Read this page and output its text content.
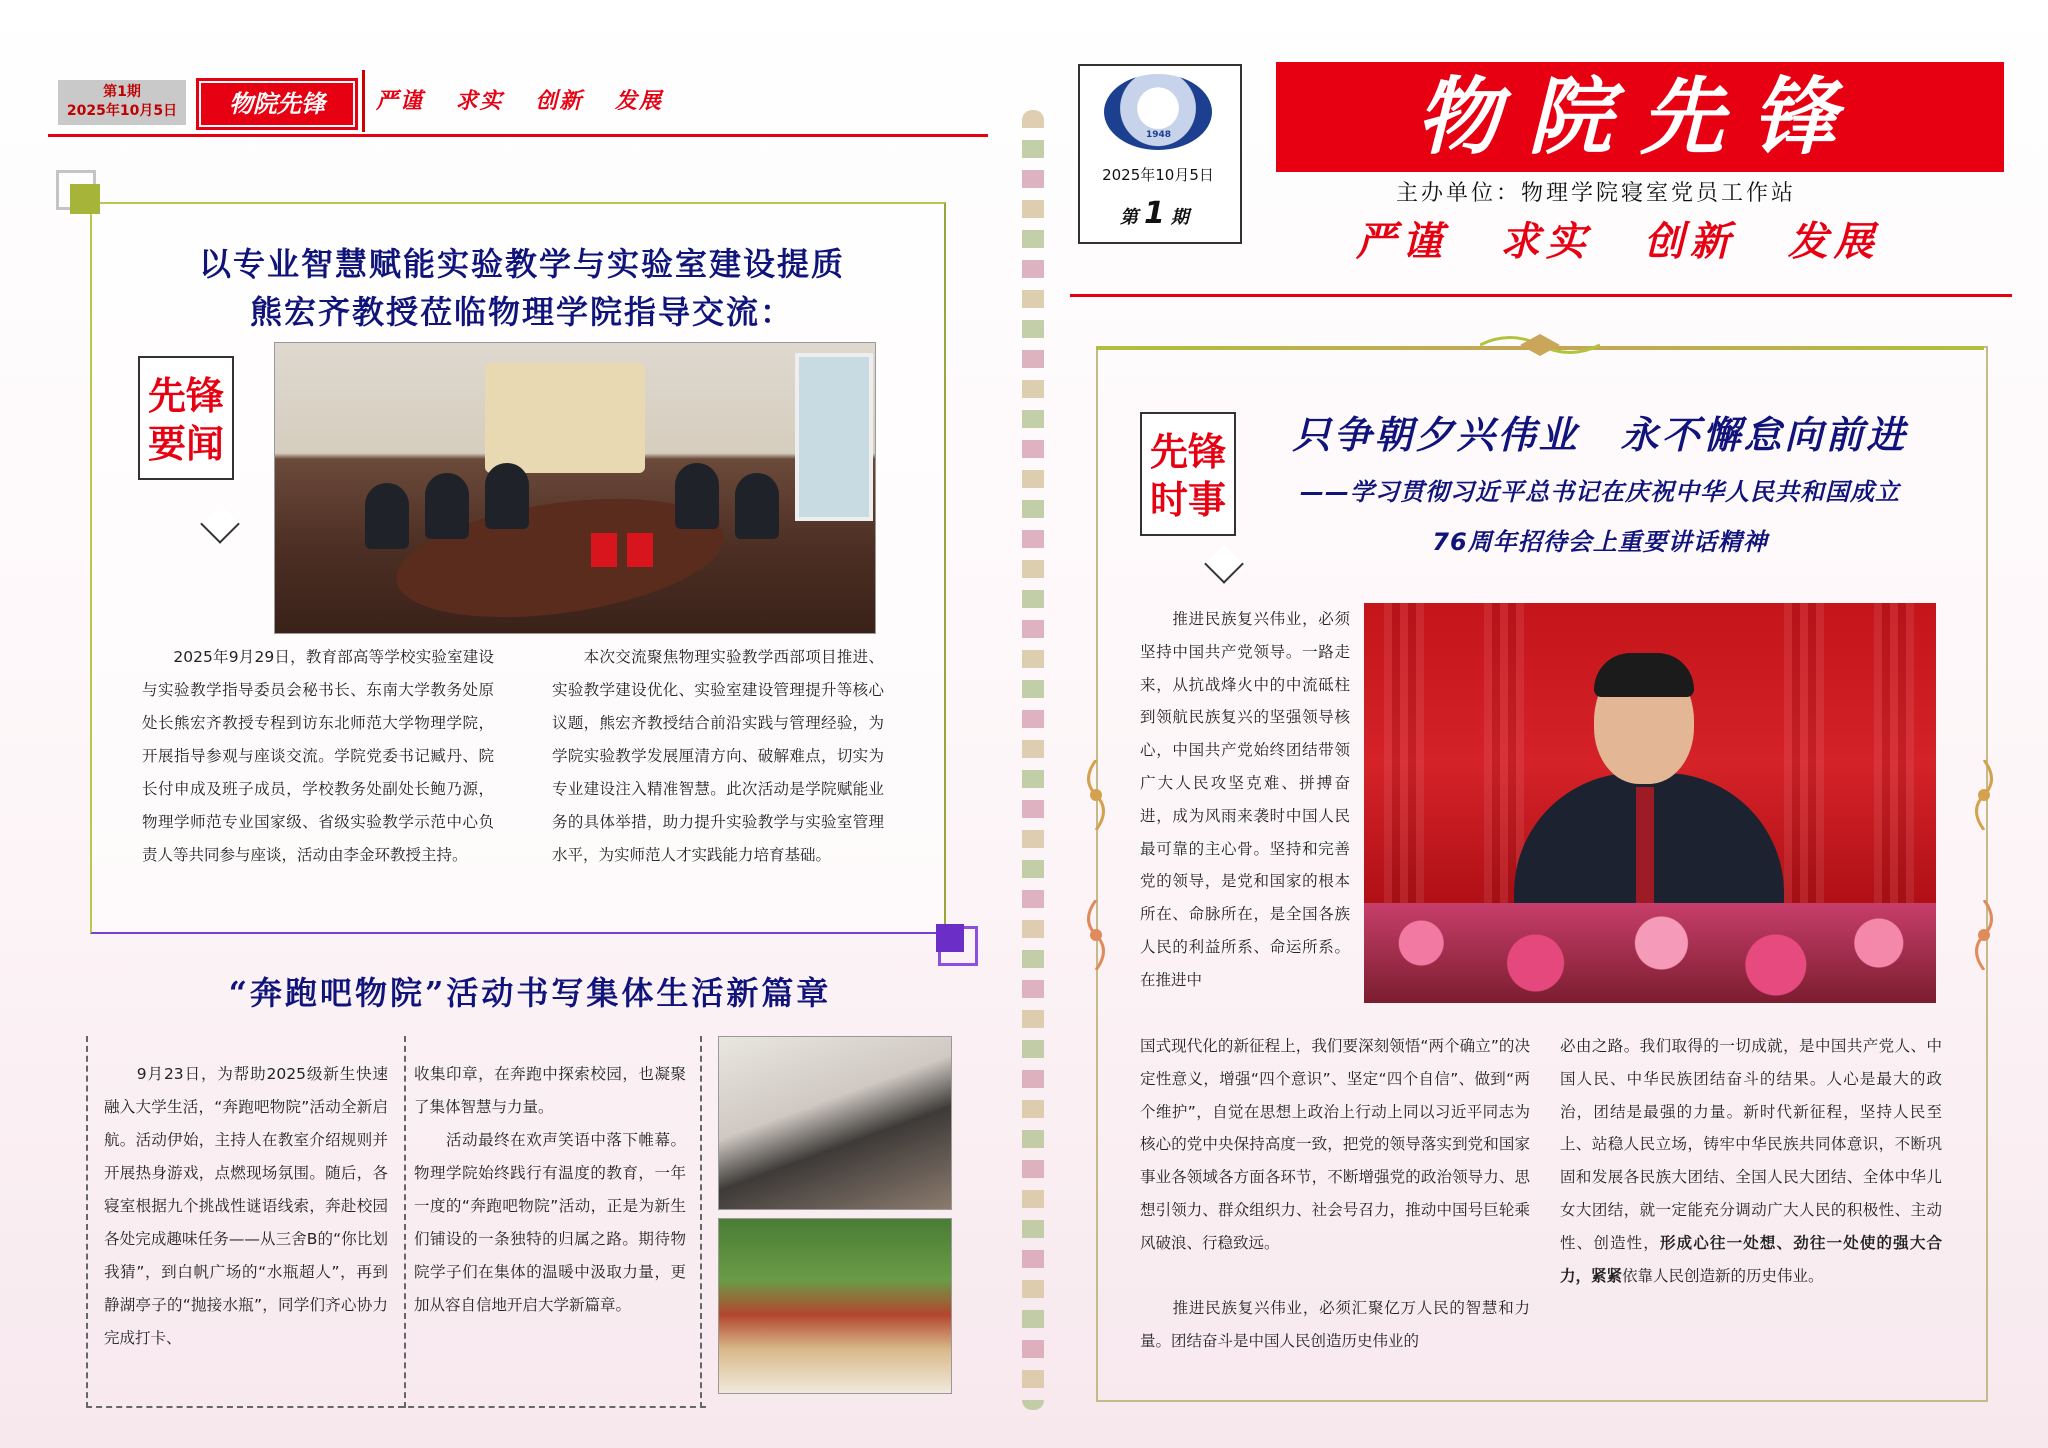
第1期
2025年10月5日	物院先锋	严谨 求实 创新 发展
以专业智慧赋能实验教学与实验室建设提质
熊宏齐教授莅临物理学院指导交流：
先锋
要闻
　　2025年9月29日，教育部高等学校实验室建设与实验教学指导委员会秘书长、东南大学教务处原处长熊宏齐教授专程到访东北师范大学物理学院，开展指导参观与座谈交流。学院党委书记臧丹、院长付申成及班子成员，学校教务处副处长鲍乃源，物理学师范专业国家级、省级实验教学示范中心负责人等共同参与座谈，活动由李金环教授主持。
　　本次交流聚焦物理实验教学西部项目推进、实验教学建设优化、实验室建设管理提升等核心议题，熊宏齐教授结合前沿实践与管理经验，为学院实验教学发展厘清方向、破解难点，切实为专业建设注入精准智慧。此次活动是学院赋能业务的具体举措，助力提升实验教学与实验室管理水平，为实师范人才实践能力培育基础。
“奔跑吧物院”活动书写集体生活新篇章
　　9月23日，为帮助2025级新生快速融入大学生活，“奔跑吧物院”活动全新启航。活动伊始，主持人在教室介绍规则并开展热身游戏，点燃现场氛围。随后，各寝室根据九个挑战性谜语线索，奔赴校园各处完成趣味任务——从三舍B的“你比划我猜”，到白帆广场的“水瓶超人”，再到静湖亭子的“抛接水瓶”，同学们齐心协力完成打卡、
收集印章，在奔跑中探索校园，也凝聚了集体智慧与力量。
　　活动最终在欢声笑语中落下帷幕。物理学院始终践行有温度的教育，一年一度的“奔跑吧物院”活动，正是为新生们铺设的一条独特的归属之路。期待物院学子们在集体的温暖中汲取力量，更加从容自信地开启大学新篇章。
1948
2025年10月5日
第 1 期
物院先锋
主办单位：物理学院寝室党员工作站
严谨 求实 创新 发展
先锋
时事
只争朝夕兴伟业　永不懈怠向前进
——学习贯彻习近平总书记在庆祝中华人民共和国成立
76周年招待会上重要讲话精神
　　推进民族复兴伟业，必须坚持中国共产党领导。一路走来，从抗战烽火中的中流砥柱到领航民族复兴的坚强领导核心，中国共产党始终团结带领广大人民攻坚克难、拼搏奋进，成为风雨来袭时中国人民最可靠的主心骨。坚持和完善党的领导，是党和国家的根本所在、命脉所在，是全国各族人民的利益所系、命运所系。在推进中
国式现代化的新征程上，我们要深刻领悟“两个确立”的决定性意义，增强“四个意识”、坚定“四个自信”、做到“两个维护”，自觉在思想上政治上行动上同以习近平同志为核心的党中央保持高度一致，把党的领导落实到党和国家事业各领域各方面各环节，不断增强党的政治领导力、思想引领力、群众组织力、社会号召力，推动中国号巨轮乘风破浪、行稳致远。
　　推进民族复兴伟业，必须汇聚亿万人民的智慧和力量。团结奋斗是中国人民创造历史伟业的
必由之路。我们取得的一切成就，是中国共产党人、中国人民、中华民族团结奋斗的结果。人心是最大的政治，团结是最强的力量。新时代新征程，坚持人民至上、站稳人民立场，铸牢中华民族共同体意识，不断巩固和发展各民族大团结、全国人民大团结、全体中华儿女大团结，就一定能充分调动广大人民的积极性、主动性、创造性，形成心往一处想、劲往一处使的强大合力，紧紧依靠人民创造新的历史伟业。
